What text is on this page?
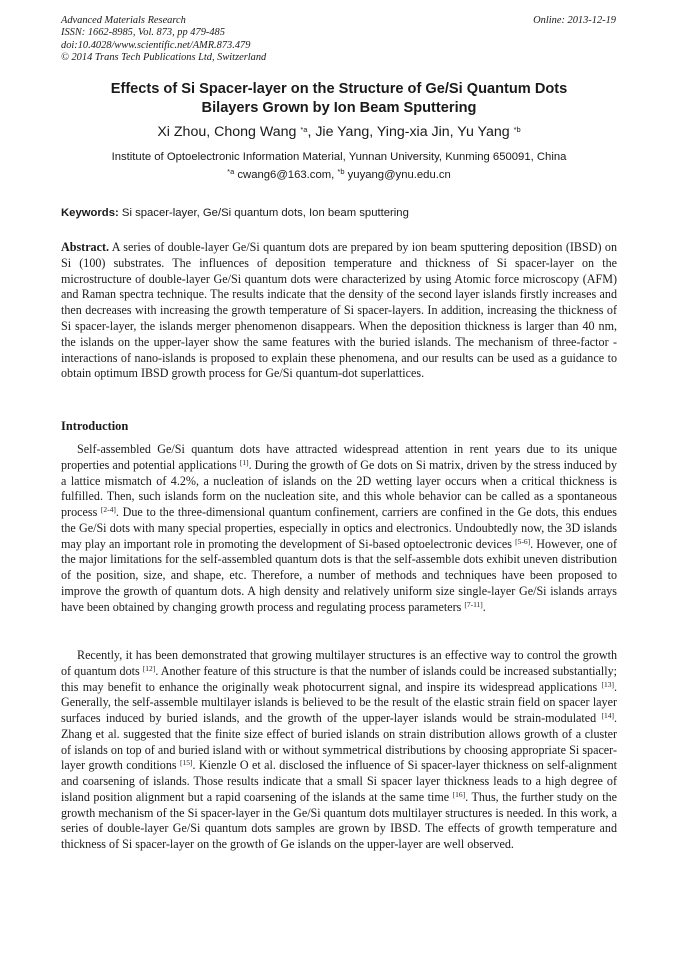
Advanced Materials Research
ISSN: 1662-8985, Vol. 873, pp 479-485
doi:10.4028/www.scientific.net/AMR.873.479
© 2014 Trans Tech Publications Ltd, Switzerland
Online: 2013-12-19
Effects of Si Spacer-layer on the Structure of Ge/Si Quantum Dots
Bilayers Grown by Ion Beam Sputtering
Xi Zhou, Chong Wang $^{*a}$, Jie Yang, Ying-xia Jin, Yu Yang $^{*b}$
Institute of Optoelectronic Information Material, Yunnan University, Kunming 650091, China
$^{*a}$ cwang6@163.com, $^{*b}$ yuyang@ynu.edu.cn
Keywords: Si spacer-layer, Ge/Si quantum dots, Ion beam sputtering
Abstract. A series of double-layer Ge/Si quantum dots are prepared by ion beam sputtering deposition (IBSD) on Si (100) substrates. The influences of deposition temperature and thickness of Si spacer-layer on the microstructure of double-layer Ge/Si quantum dots were characterized by using Atomic force microscopy (AFM) and Raman spectra technique. The results indicate that the density of the second layer islands firstly increases and then decreases with increasing the growth temperature of Si spacer-layers. In addition, increasing the thickness of Si spacer-layer, the islands merger phenomenon disappears. When the deposition thickness is larger than 40 nm, the islands on the upper-layer show the same features with the buried islands. The mechanism of three-factor -interactions of nano-islands is proposed to explain these phenomena, and our results can be used as a guidance to obtain optimum IBSD growth process for Ge/Si quantum-dot superlattices.
Introduction
Self-assembled Ge/Si quantum dots have attracted widespread attention in rent years due to its unique properties and potential applications [1]. During the growth of Ge dots on Si matrix, driven by the stress induced by a lattice mismatch of 4.2%, a nucleation of islands on the 2D wetting layer occurs when a critical thickness is fulfilled. Then, such islands form on the nucleation site, and this whole behavior can be called as a spontaneous process [2-4]. Due to the three-dimensional quantum confinement, carriers are confined in the Ge dots, this endues the Ge/Si dots with many special properties, especially in optics and electronics. Undoubtedly now, the 3D islands may play an important role in promoting the development of Si-based optoelectronic devices [5-6]. However, one of the major limitations for the self-assembled quantum dots is that the self-assemble dots exhibit uneven distribution of the position, size, and shape, etc. Therefore, a number of methods and techniques have been proposed to improve the growth of quantum dots. A high density and relatively uniform size single-layer Ge/Si islands arrays have been obtained by changing growth process and regulating process parameters [7-11].
Recently, it has been demonstrated that growing multilayer structures is an effective way to control the growth of quantum dots [12]. Another feature of this structure is that the number of islands could be increased substantially; this may benefit to enhance the originally weak photocurrent signal, and inspire its widespread applications [13]. Generally, the self-assemble multilayer islands is believed to be the result of the elastic strain field on spacer layer surfaces induced by buried islands, and the growth of the upper-layer islands would be strain-modulated [14]. Zhang et al. suggested that the finite size effect of buried islands on strain distribution allows growth of a cluster of islands on top of and buried island with or without symmetrical distributions by choosing appropriate Si spacer-layer growth conditions [15]. Kienzle O et al. disclosed the influence of Si spacer-layer thickness on self-alignment and coarsening of islands. Those results indicate that a small Si spacer layer thickness leads to a high degree of island position alignment but a rapid coarsening of the islands at the same time [16]. Thus, the further study on the growth mechanism of the Si spacer-layer in the Ge/Si quantum dots multilayer structures is needed. In this work, a series of double-layer Ge/Si quantum dots samples are grown by IBSD. The effects of growth temperature and thickness of Si spacer-layer on the growth of Ge islands on the upper-layer are well observed.
